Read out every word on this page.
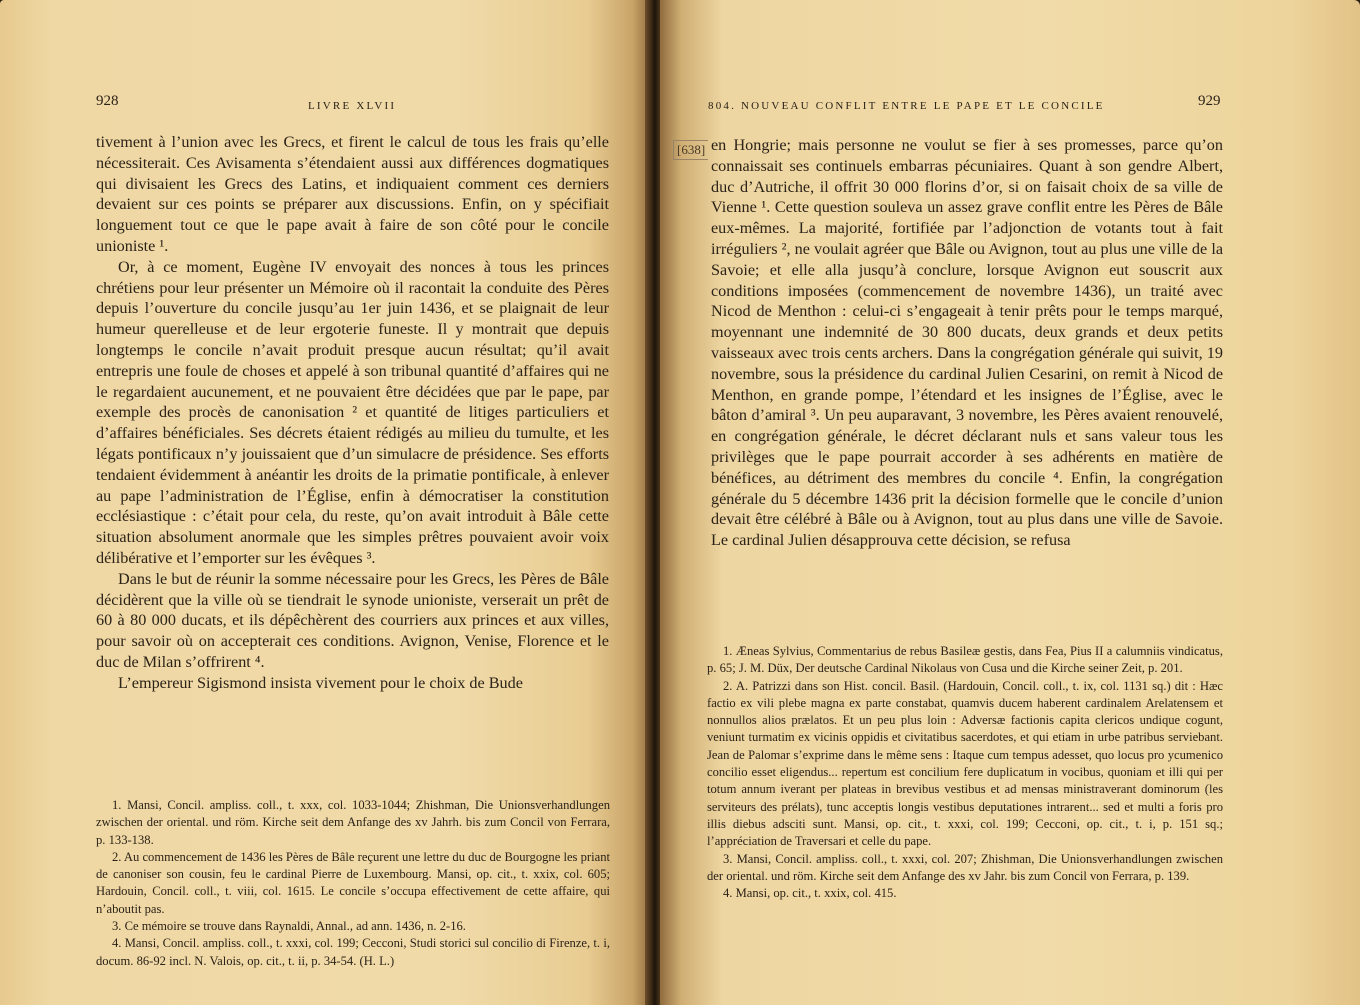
928	LIVRE XLVII

tivement à l’union avec les Grecs, et firent le calcul de tous les frais qu’elle nécessiterait. Ces Avisamenta s’étendaient aussi aux différences dogmatiques qui divisaient les Grecs des Latins, et indiquaient comment ces derniers devaient sur ces points se préparer aux discussions. Enfin, on y spécifiait longuement tout ce que le pape avait à faire de son côté pour le concile unioniste ¹.

Or, à ce moment, Eugène IV envoyait des nonces à tous les princes chrétiens pour leur présenter un Mémoire où il racontait la conduite des Pères depuis l’ouverture du concile jusqu’au 1er juin 1436, et se plaignait de leur humeur querelleuse et de leur ergoterie funeste. Il y montrait que depuis longtemps le concile n’avait produit presque aucun résultat; qu’il avait entrepris une foule de choses et appelé à son tribunal quantité d’affaires qui ne le regardaient aucunement, et ne pouvaient être décidées que par le pape, par exemple des procès de canonisation ² et quantité de litiges particuliers et d’affaires bénéficiales. Ses décrets étaient rédigés au milieu du tumulte, et les légats pontificaux n’y jouissaient que d’un simulacre de présidence. Ses efforts tendaient évidemment à anéantir les droits de la primatie pontificale, à enlever au pape l’administration de l’Église, enfin à démocratiser la constitution ecclésiastique : c’était pour cela, du reste, qu’on avait introduit à Bâle cette situation absolument anormale que les simples prêtres pouvaient avoir voix délibérative et l’emporter sur les évêques ³.

Dans le but de réunir la somme nécessaire pour les Grecs, les Pères de Bâle décidèrent que la ville où se tiendrait le synode unioniste, verserait un prêt de 60 à 80 000 ducats, et ils dépêchèrent des courriers aux princes et aux villes, pour savoir où on accepterait ces conditions. Avignon, Venise, Florence et le duc de Milan s’offrirent ⁴.

L’empereur Sigismond insista vivement pour le choix de Bude

1. Mansi, Concil. ampliss. coll., t. xxx, col. 1033-1044; Zhishman, Die Unionsverhandlungen zwischen der oriental. und röm. Kirche seit dem Anfange des xv Jahrh. bis zum Concil von Ferrara, p. 133-138.

2. Au commencement de 1436 les Pères de Bâle reçurent une lettre du duc de Bourgogne les priant de canoniser son cousin, feu le cardinal Pierre de Luxembourg. Mansi, op. cit., t. xxix, col. 605; Hardouin, Concil. coll., t. viii, col. 1615. Le concile s’occupa effectivement de cette affaire, qui n’aboutit pas.

3. Ce mémoire se trouve dans Raynaldi, Annal., ad ann. 1436, n. 2-16.

4. Mansi, Concil. ampliss. coll., t. xxxi, col. 199; Cecconi, Studi storici sul concilio di Firenze, t. i, docum. 86-92 incl. N. Valois, op. cit., t. ii, p. 34-54. (H. L.)

804. NOUVEAU CONFLIT ENTRE LE PAPE ET LE CONCILE	929

en Hongrie; mais personne ne voulut se fier à ses promesses, parce qu’on connaissait ses continuels embarras pécuniaires. Quant à son gendre Albert, duc d’Autriche, il offrit 30 000 florins d’or, si on faisait choix de sa ville de Vienne ¹. Cette question souleva un assez grave conflit entre les Pères de Bâle eux-mêmes. La majorité, fortifiée par l’adjonction de votants tout à fait irréguliers ², ne voulait agréer que Bâle ou Avignon, tout au plus une ville de la Savoie; et elle alla jusqu’à conclure, lorsque Avignon eut souscrit aux conditions imposées (commencement de novembre 1436), un traité avec Nicod de Menthon : celui-ci s’engageait à tenir prêts pour le temps marqué, moyennant une indemnité de 30 800 ducats, deux grands et deux petits vaisseaux avec trois cents archers. Dans la congrégation générale qui suivit, 19 novembre, sous la présidence du cardinal Julien Cesarini, on remit à Nicod de Menthon, en grande pompe, l’étendard et les insignes de l’Église, avec le bâton d’amiral ³. Un peu auparavant, 3 novembre, les Pères avaient renouvelé, en congrégation générale, le décret déclarant nuls et sans valeur tous les privilèges que le pape pourrait accorder à ses adhérents en matière de bénéfices, au détriment des membres du concile ⁴. Enfin, la congrégation générale du 5 décembre 1436 prit la décision formelle que le concile d’union devait être célébré à Bâle ou à Avignon, tout au plus dans une ville de Savoie. Le cardinal Julien désapprouva cette décision, se refusa

1. Æneas Sylvius, Commentarius de rebus Basileæ gestis, dans Fea, Pius II a calumniis vindicatus, p. 65; J. M. Düx, Der deutsche Cardinal Nikolaus von Cusa und die Kirche seiner Zeit, p. 201.

2. A. Patrizzi dans son Hist. concil. Basil. (Hardouin, Concil. coll., t. ix, col. 1131 sq.) dit : Hæc factio ex vili plebe magna ex parte constabat, quamvis ducem haberent cardinalem Arelatensem et nonnullos alios prælatos. Et un peu plus loin : Adversæ factionis capita clericos undique cogunt, veniunt turmatim ex vicinis oppidis et civitatibus sacerdotes, et qui etiam in urbe patribus serviebant. Jean de Palomar s’exprime dans le même sens : Itaque cum tempus adesset, quo locus pro ycumenico concilio esset eligendus... repertum est concilium fere duplicatum in vocibus, quoniam et illi qui per totum annum iverant per plateas in brevibus vestibus et ad mensas ministraverant dominorum (les serviteurs des prélats), tunc acceptis longis vestibus deputationes intrarent... sed et multi a foris pro illis diebus adsciti sunt. Mansi, op. cit., t. xxxi, col. 199; Cecconi, op. cit., t. i, p. 151 sq.; l’appréciation de Traversari et celle du pape.

3. Mansi, Concil. ampliss. coll., t. xxxi, col. 207; Zhishman, Die Unionsverhandlungen zwischen der oriental. und röm. Kirche seit dem Anfange des xv Jahr. bis zum Concil von Ferrara, p. 139.

4. Mansi, op. cit., t. xxix, col. 415.

[638]
